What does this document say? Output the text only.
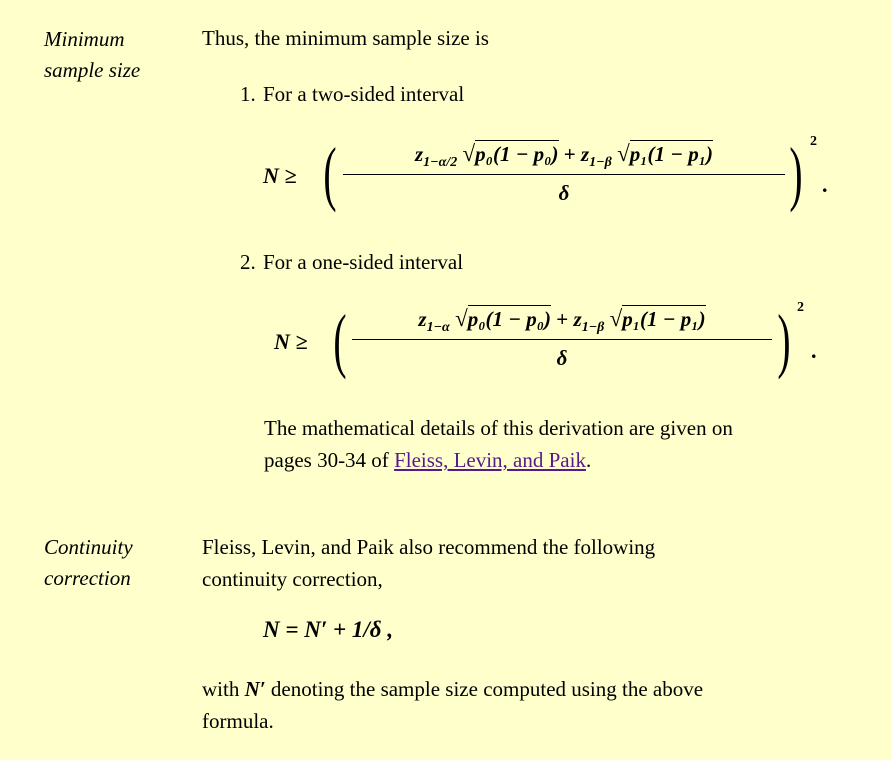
Minimum
sample size
Thus, the minimum sample size is
1. For a two-sided interval
N ≥ (	$z_{1-\alpha/2}$ $√p_0(1 - p_0) + z_{1-\beta}$ √p₁(1 − p₁)
δ	) 2
.
2. For a one-sided interval
N ≥ (	$z_{1-\alpha}$ $√p_0(1 - p_0) + z_{1-\beta}$ √p₁(1 − p₁)
δ	) 2
.
The mathematical details of this derivation are given on
pages 30-34 of Fleiss, Levin, and Paik.
Continuity
correction
Fleiss, Levin, and Paik also recommend the following
continuity correction,
N = N′ + 1/δ ,
with N′ denoting the sample size computed using the above
formula.
